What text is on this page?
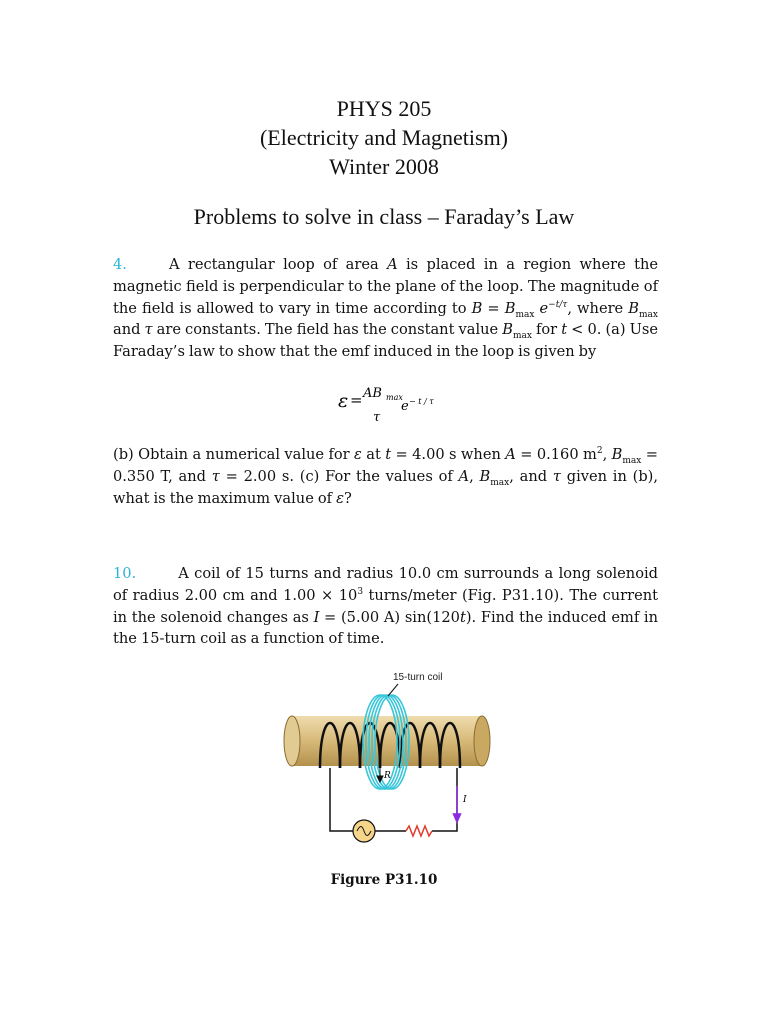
PHYS 205
(Electricity and Magnetism)
Winter 2008
Problems to solve in class – Faraday’s Law
4.	A rectangular loop of area A is placed in a region where the magnetic field is perpendicular to the plane of the loop. The magnitude of the field is allowed to vary in time according to $B = B_{max}$ $e^{-t/\tau}$, where $B_{max}$ and τ are constants. The field has the constant value $B_{max}$ for t < 0. (a) Use Faraday’s law to show that the emf induced in the loop is given by
ε = AB max
τ
e − t / τ
(b) Obtain a numerical value for ε at t = 4.00 s when A = 0.160 $m^2$, $B_{max} = 0.350$ T, and τ = 2.00 s. (c) For the values of A, $B_{max}$, and τ given in (b), what is the maximum value of ε?
10.	A coil of 15 turns and radius 10.0 cm surrounds a long solenoid of radius 2.00 cm and $1.00 \times 10^3$ turns/meter (Fig. P31.10). The current in the solenoid changes as I = (5.00 A) sin(120t). Find the induced emf in the 15-turn coil as a function of time.
R
I
15-turn coil
Figure P31.10
